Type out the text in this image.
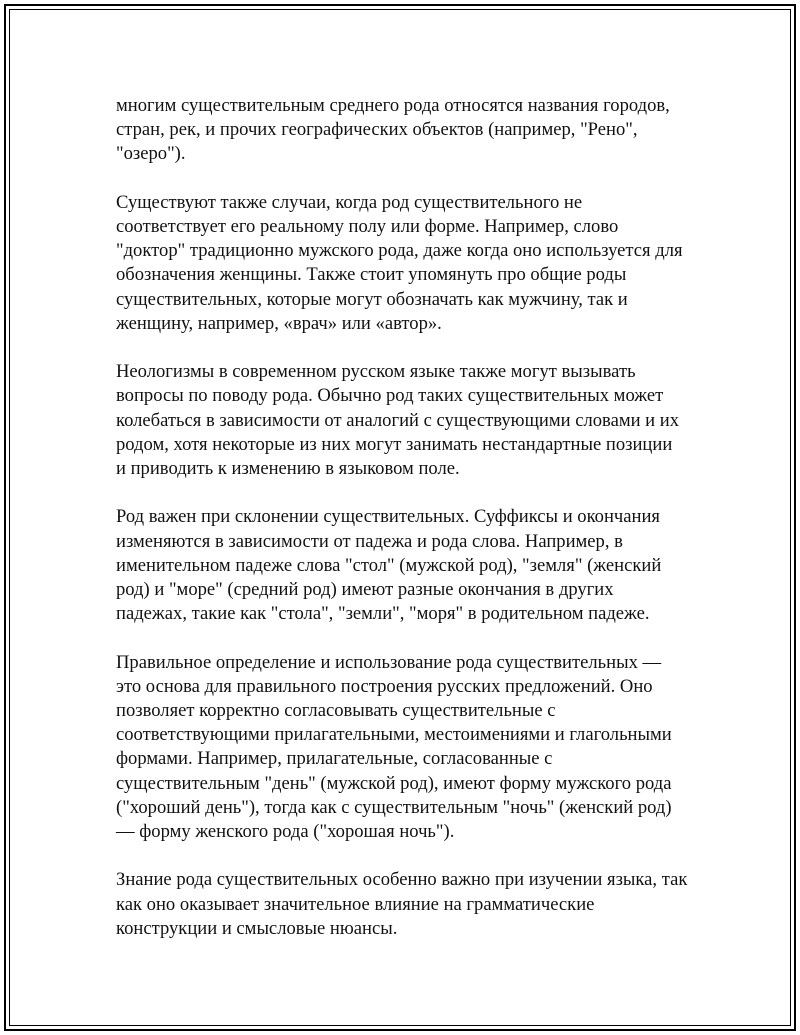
многим существительным среднего рода относятся названия городов,
стран, рек, и прочих географических объектов (например, "Рено",
"озеро").

Существуют также случаи, когда род существительного не
соответствует его реальному полу или форме. Например, слово
"доктор" традиционно мужского рода, даже когда оно используется для
обозначения женщины. Также стоит упомянуть про общие роды
существительных, которые могут обозначать как мужчину, так и
женщину, например, «врач» или «автор».

Неологизмы в современном русском языке также могут вызывать
вопросы по поводу рода. Обычно род таких существительных может
колебаться в зависимости от аналогий с существующими словами и их
родом, хотя некоторые из них могут занимать нестандартные позиции
и приводить к изменению в языковом поле.

Род важен при склонении существительных. Суффиксы и окончания
изменяются в зависимости от падежа и рода слова. Например, в
именительном падеже слова "стол" (мужской род), "земля" (женский
род) и "море" (средний род) имеют разные окончания в других
падежах, такие как "стола", "земли", "моря" в родительном падеже.

Правильное определение и использование рода существительных —
это основа для правильного построения русских предложений. Оно
позволяет корректно согласовывать существительные с
соответствующими прилагательными, местоимениями и глагольными
формами. Например, прилагательные, согласованные с
существительным "день" (мужской род), имеют форму мужского рода
("хороший день"), тогда как с существительным "ночь" (женский род)
— форму женского рода ("хорошая ночь").

Знание рода существительных особенно важно при изучении языка, так
как оно оказывает значительное влияние на грамматические
конструкции и смысловые нюансы.
